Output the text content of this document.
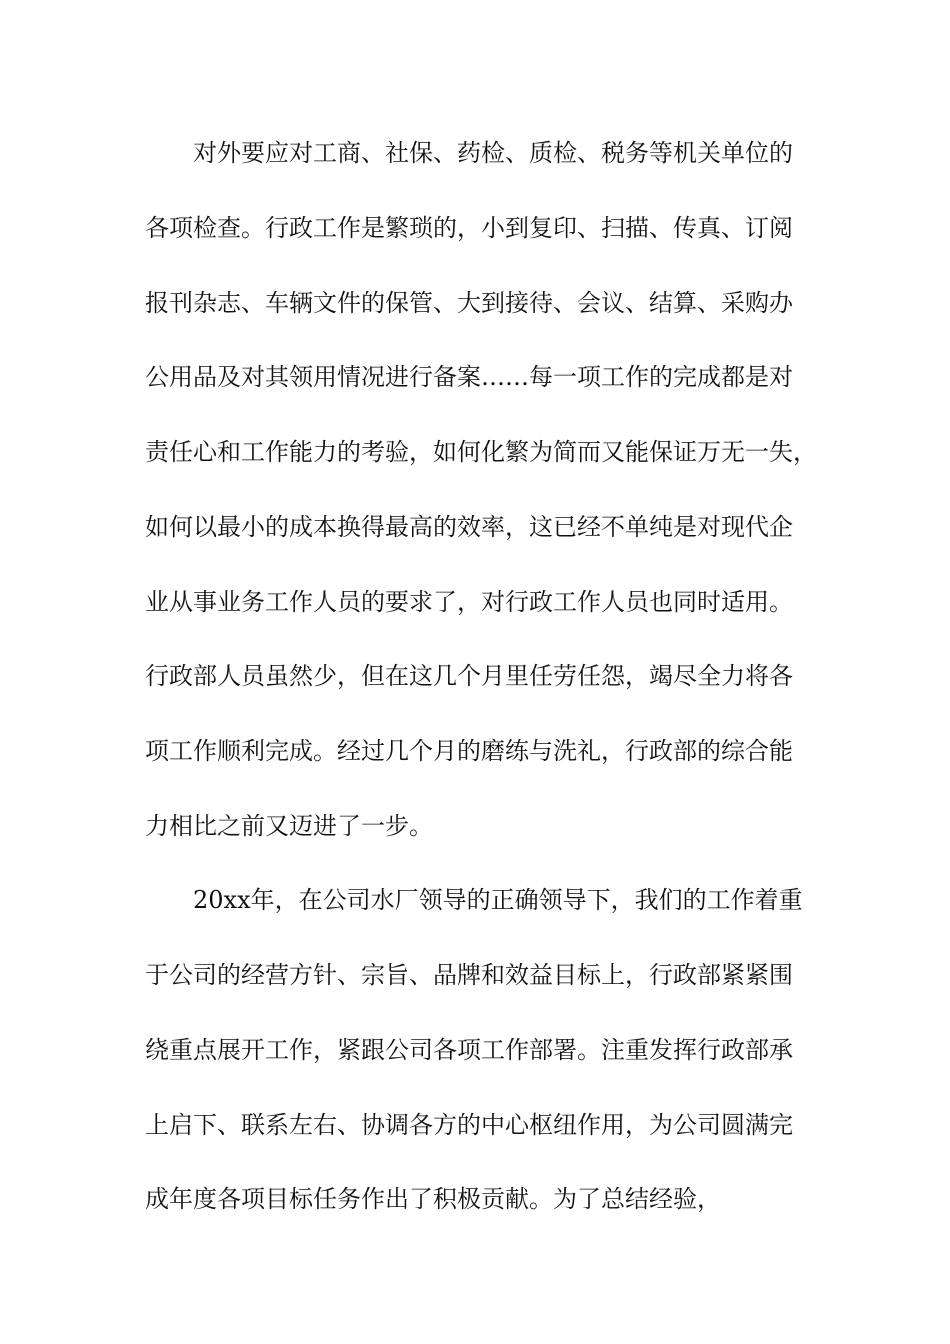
对外要应对工商、社保、药检、质检、税务等机关单位的
各项检查。行政工作是繁琐的，小到复印、扫描、传真、订阅
报刊杂志、车辆文件的保管、大到接待、会议、结算、采购办
公用品及对其领用情况进行备案……每一项工作的完成都是对
责任心和工作能力的考验，如何化繁为简而又能保证万无一失，
如何以最小的成本换得最高的效率，这已经不单纯是对现代企
业从事业务工作人员的要求了，对行政工作人员也同时适用。
行政部人员虽然少，但在这几个月里任劳任怨，竭尽全力将各
项工作顺利完成。经过几个月的磨练与洗礼，行政部的综合能
力相比之前又迈进了一步。
20xx年，在公司水厂领导的正确领导下，我们的工作着重
于公司的经营方针、宗旨、品牌和效益目标上，行政部紧紧围
绕重点展开工作，紧跟公司各项工作部署。注重发挥行政部承
上启下、联系左右、协调各方的中心枢纽作用，为公司圆满完
成年度各项目标任务作出了积极贡献。为了总结经验，
